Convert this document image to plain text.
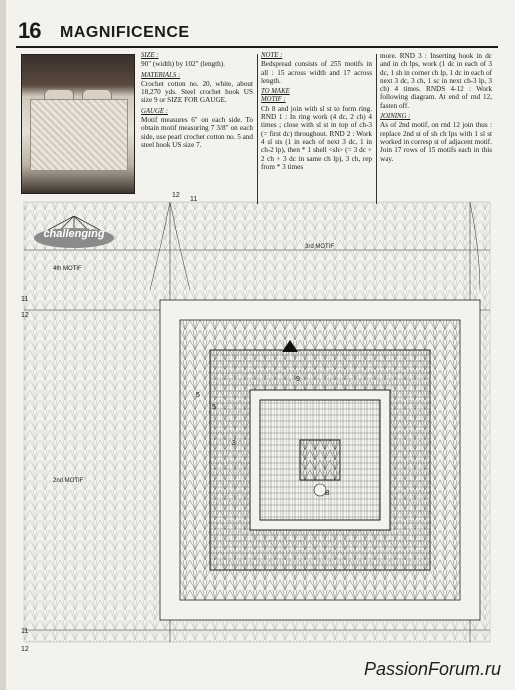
16 MAGNIFICENCE

SIZE :
90" (width) by 102" (length).

MATERIALS :
Crochet cotton no. 20, white, about 18,270 yds. Steel crochet hook US size 9 or SIZE FOR GAUGE.

GAUGE :
Motif measures 6" on each side. To obtain motif measuring 7 3/8" on each side, use pearl crochet cotton no. 5 and steel hook US size 7.

NOTE :
Bedspread consists of 255 motifs in all : 15 across width and 17 across length.

TO MAKE
MOTIF :
Ch 8 and join with sl st to form ring. RND 1 : In ring work (4 dc, 2 ch) 4 times ; close with sl st in top of ch-3 (= first dc) throughout. RND 2 : Work 4 sl sts (1 in each of next 3 dc, 1 in ch-2 lp), then * 1 shell <sh> (= 3 dc + 2 ch + 3 dc in same ch lp), 3 ch, rep from * 3 times

more. RND 3 : Inserting hook in dc and in ch lps, work (1 dc in each of 3 dc, 1 sh in corner ch lp, 1 dc in each of next 3 dc, 3 ch, 1 sc in next ch-3 lp, 3 ch) 4 times. RNDS 4-12 : Work following diagram. At end of rnd 12, fasten off.

JOINING :
As of 2nd motif, on rnd 12 join thus : replace 2nd st of sh ch lps with 1 sl st worked in corresp st of adjacent motif. Join 17 rows of 15 motifs each in this way.

challenging
4th MOTIF
3rd MOTIF
2nd MOTIF
12
11
11
12
11
12
9
B
5
5
3
PassionForum.ru
